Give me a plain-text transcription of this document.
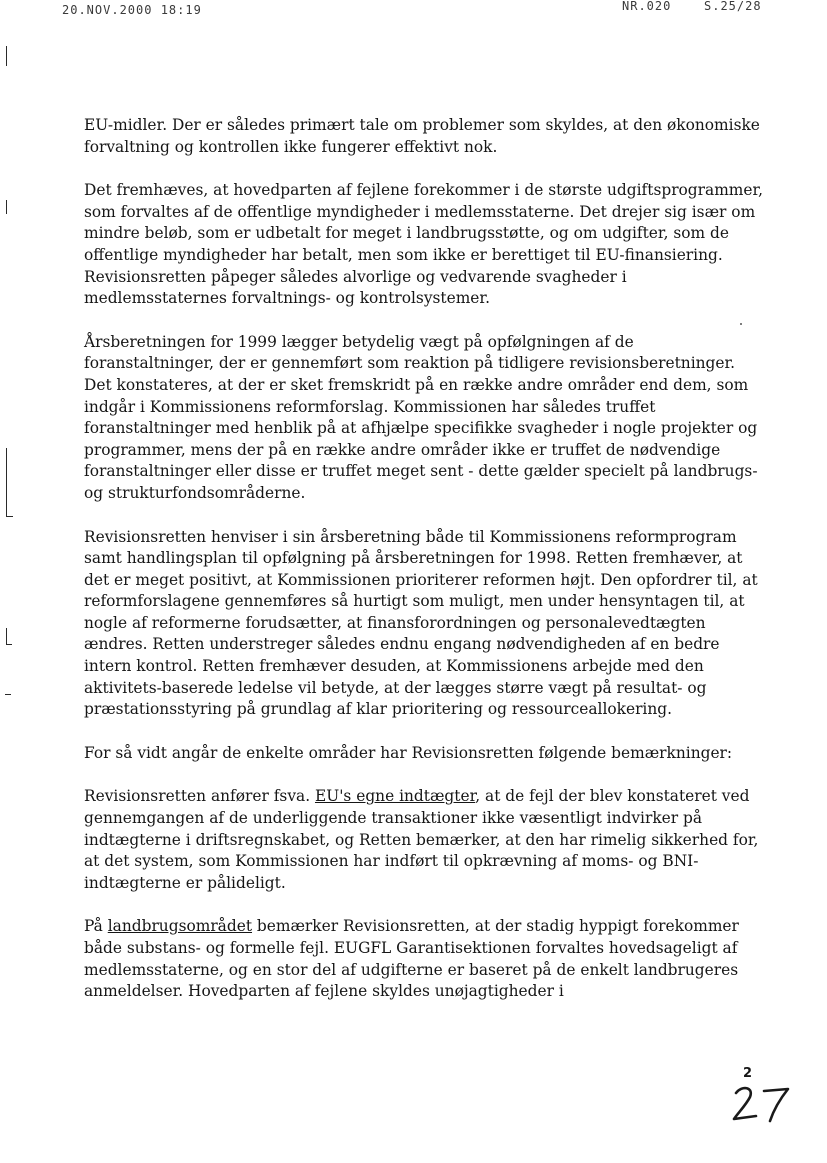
20.NOV.2000 18:19	NR.020	S.25/28

EU-midler. Der er således primært tale om problemer som skyldes, at den økonomiske forvaltning og kontrollen ikke fungerer effektivt nok.

Det fremhæves, at hovedparten af fejlene forekommer i de største udgiftsprogrammer, som forvaltes af de offentlige myndigheder i medlemsstaterne. Det drejer sig især om mindre beløb, som er udbetalt for meget i landbrugsstøtte, og om udgifter, som de offentlige myndigheder har betalt, men som ikke er berettiget til EU-finansiering. Revisionsretten påpeger således alvorlige og vedvarende svagheder i medlemsstaternes forvaltnings- og kontrolsystemer.

Årsberetningen for 1999 lægger betydelig vægt på opfølgningen af de foranstaltninger, der er gennemført som reaktion på tidligere revisionsberetninger. Det konstateres, at der er sket fremskridt på en række andre områder end dem, som indgår i Kommissionens reformforslag. Kommissionen har således truffet foranstaltninger med henblik på at afhjælpe specifikke svagheder i nogle projekter og programmer, mens der på en række andre områder ikke er truffet de nødvendige foranstaltninger eller disse er truffet meget sent - dette gælder specielt på landbrugs- og strukturfondsområderne.

Revisionsretten henviser i sin årsberetning både til Kommissionens reformprogram samt handlingsplan til opfølgning på årsberetningen for 1998. Retten fremhæver, at det er meget positivt, at Kommissionen prioriterer reformen højt. Den opfordrer til, at reformforslagene gennemføres så hurtigt som muligt, men under hensyntagen til, at nogle af reformerne forudsætter, at finansforordningen og personalevedtægten ændres. Retten understreger således endnu engang nødvendigheden af en bedre intern kontrol. Retten fremhæver desuden, at Kommissionens arbejde med den aktivitets-baserede ledelse vil betyde, at der lægges større vægt på resultat- og præstationsstyring på grundlag af klar prioritering og ressourceallokering.

For så vidt angår de enkelte områder har Revisionsretten følgende bemærkninger:

Revisionsretten anfører fsva. EU's egne indtægter, at de fejl der blev konstateret ved gennemgangen af de underliggende transaktioner ikke væsentligt indvirker på indtægterne i driftsregnskabet, og Retten bemærker, at den har rimelig sikkerhed for, at det system, som Kommissionen har indført til opkrævning af moms- og BNI-indtægterne er pålideligt.

På landbrugsområdet bemærker Revisionsretten, at der stadig hyppigt forekommer både substans- og formelle fejl. EUGFL Garantisektionen forvaltes hovedsageligt af medlemsstaterne, og en stor del af udgifterne er baseret på de enkelt landbrugeres anmeldelser. Hovedparten af fejlene skyldes unøjagtigheder i

2
